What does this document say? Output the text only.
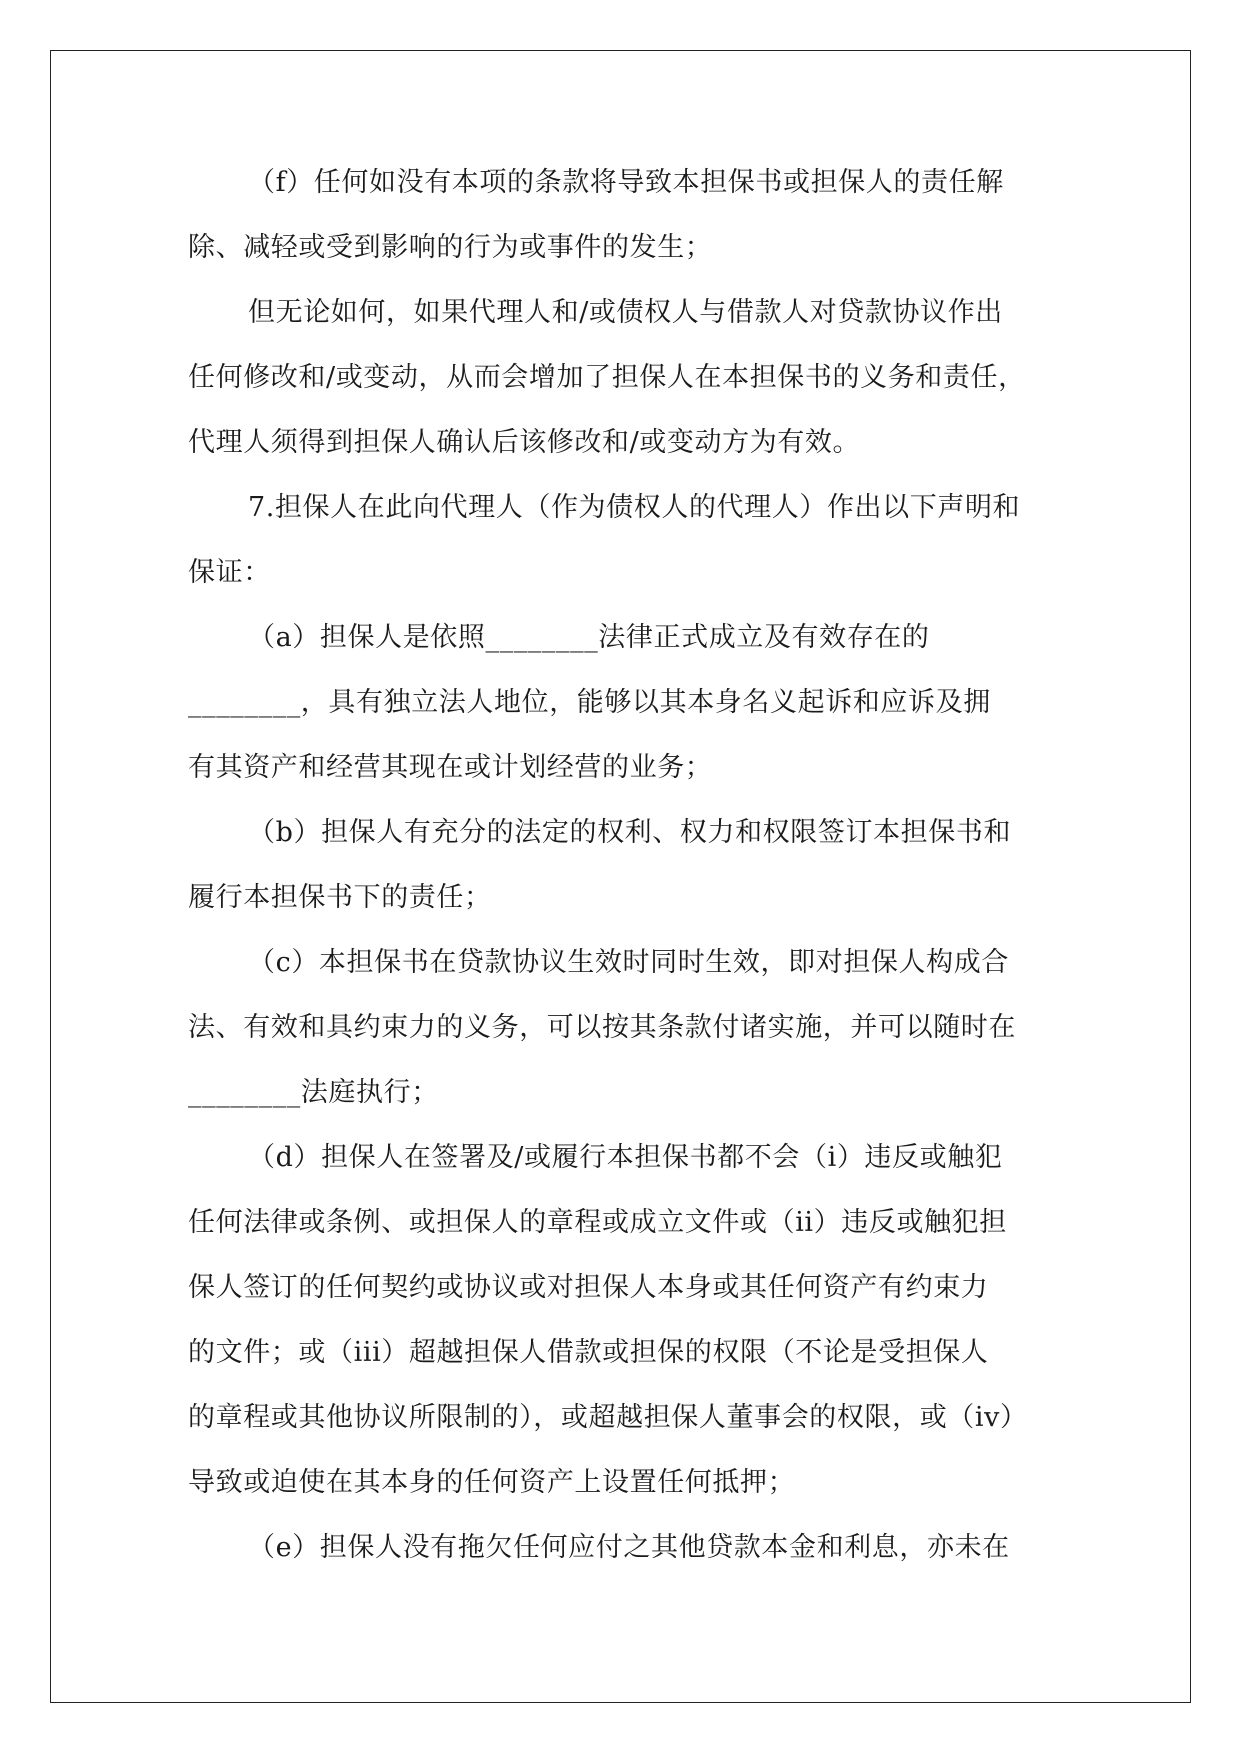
（f）任何如没有本项的条款将导致本担保书或担保人的责任解
除、减轻或受到影响的行为或事件的发生；
但无论如何，如果代理人和/或债权人与借款人对贷款协议作出
任何修改和/或变动，从而会增加了担保人在本担保书的义务和责任，
代理人须得到担保人确认后该修改和/或变动方为有效。
7.担保人在此向代理人（作为债权人的代理人）作出以下声明和
保证：
（a）担保人是依照________法律正式成立及有效存在的
________，具有独立法人地位，能够以其本身名义起诉和应诉及拥
有其资产和经营其现在或计划经营的业务；
（b）担保人有充分的法定的权利、权力和权限签订本担保书和
履行本担保书下的责任；
（c）本担保书在贷款协议生效时同时生效，即对担保人构成合
法、有效和具约束力的义务，可以按其条款付诸实施，并可以随时在
________法庭执行；
（d）担保人在签署及/或履行本担保书都不会（i）违反或触犯
任何法律或条例、或担保人的章程或成立文件或（ii）违反或触犯担
保人签订的任何契约或协议或对担保人本身或其任何资产有约束力
的文件；或（iii）超越担保人借款或担保的权限（不论是受担保人
的章程或其他协议所限制的），或超越担保人董事会的权限，或（iv）
导致或迫使在其本身的任何资产上设置任何抵押；
（e）担保人没有拖欠任何应付之其他贷款本金和利息，亦未在
